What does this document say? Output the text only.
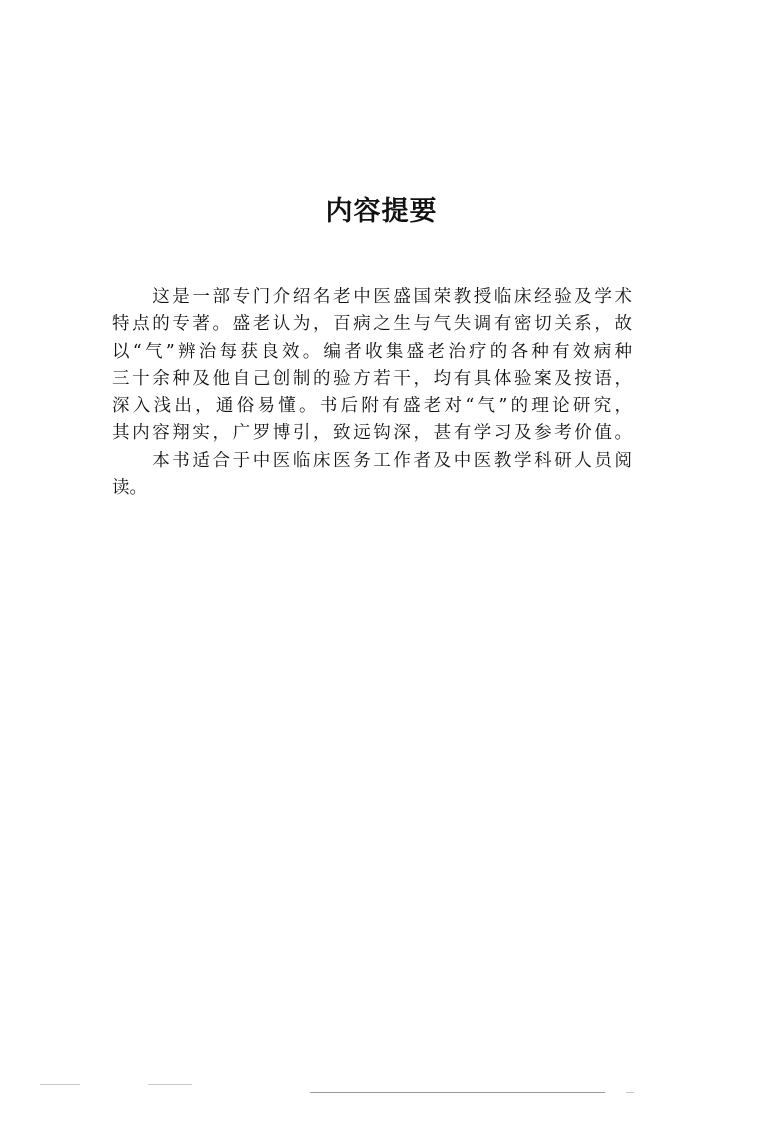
内容提要
　　这是一部专门介绍名老中医盛国荣教授临床经验及学术
特点的专著。盛老认为，百病之生与气失调有密切关系，故
以“气”辨治每获良效。编者收集盛老治疗的各种有效病种
三十余种及他自己创制的验方若干，均有具体验案及按语，
深入浅出，通俗易懂。书后附有盛老对“气”的理论研究，
其内容翔实，广罗博引，致远钩深，甚有学习及参考价值。
　　本书适合于中医临床医务工作者及中医教学科研人员阅
读。
